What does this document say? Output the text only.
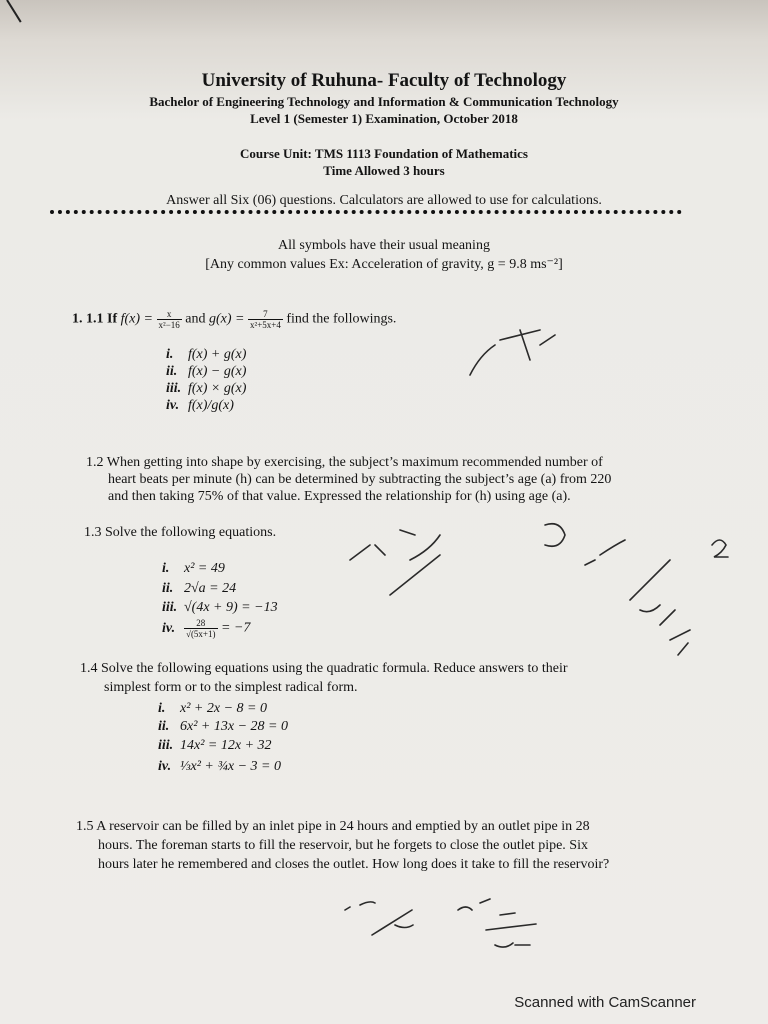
University of Ruhuna- Faculty of Technology
Bachelor of Engineering Technology and Information & Communication Technology
Level 1 (Semester 1) Examination, October 2018
Course Unit: TMS 1113 Foundation of Mathematics
Time Allowed 3 hours
Answer all Six (06) questions. Calculators are allowed to use for calculations.
All symbols have their usual meaning
[Any common values Ex: Acceleration of gravity, g = 9.8 ms⁻²]
1. 1.1 If $f(x) = \frac{x}{\text{x²−16}}$ and $g(x) = \frac{7}{\text{x²+5x+4}}$ find the followings.
i. f(x) + g(x)
ii. f(x) − g(x)
iii. f(x) × g(x)
iv. f(x)/g(x)
1.2 When getting into shape by exercising, the subject’s maximum recommended number of
heart beats per minute (h) can be determined by subtracting the subject’s age (a) from 220
and then taking 75% of that value. Expressed the relationship for (h) using age (a).
1.3 Solve the following equations.
i. x² = 49
ii. 2√a = 24
iii. √(4x + 9) = −13
iv. $\frac{28}{√(5x+1)} = -7$
1.4 Solve the following equations using the quadratic formula. Reduce answers to their
simplest form or to the simplest radical form.
i. x² + 2x − 8 = 0
ii. 6x² + 13x − 28 = 0
iii. 14x² = 12x + 32
iv. ⅓x² + ¾x − 3 = 0
1.5 A reservoir can be filled by an inlet pipe in 24 hours and emptied by an outlet pipe in 28
hours. The foreman starts to fill the reservoir, but he forgets to close the outlet pipe. Six
hours later he remembered and closes the outlet. How long does it take to fill the reservoir?
Scanned with CamScanner
